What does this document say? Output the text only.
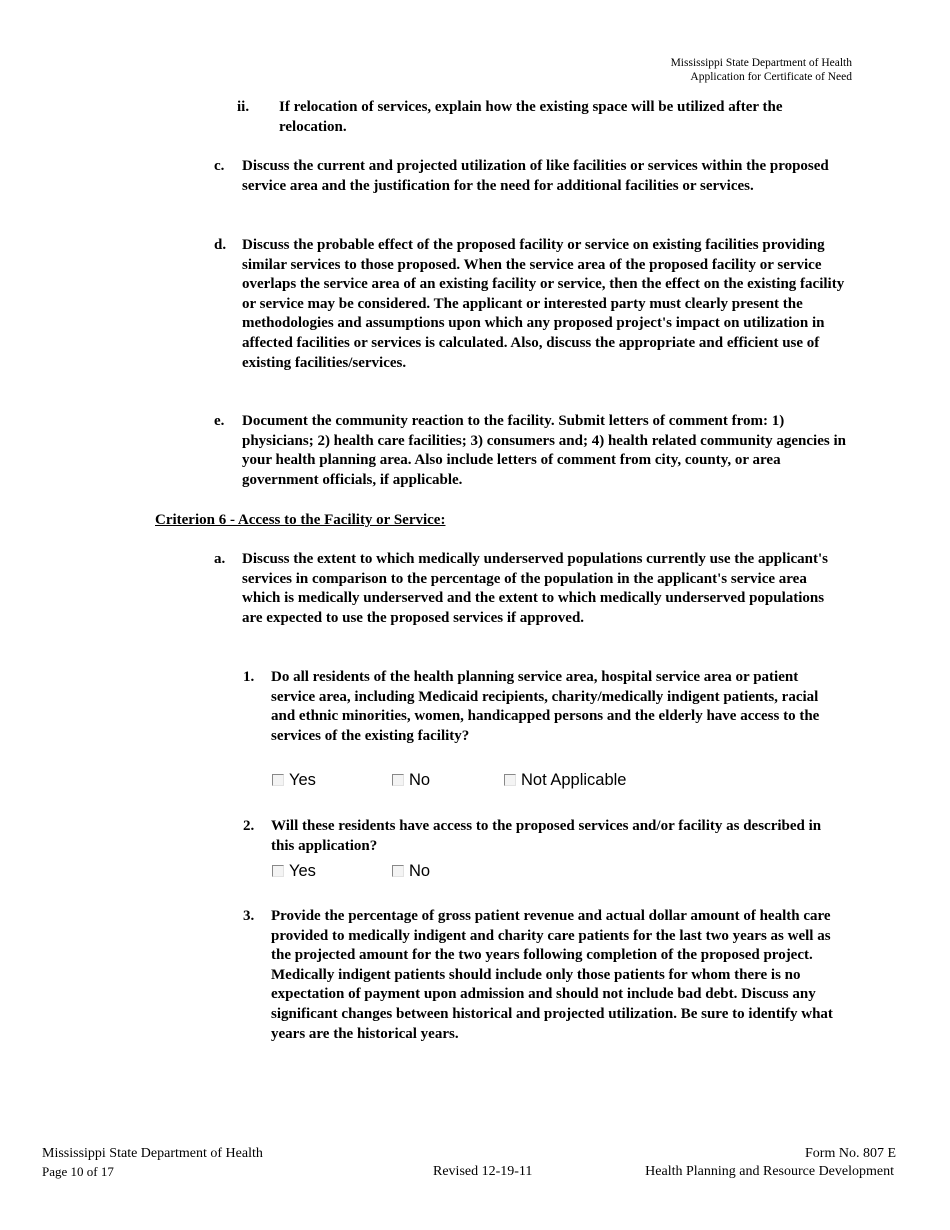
Mississippi State Department of Health
Application for Certificate of Need
ii. If relocation of services, explain how the existing space will be utilized after the relocation.
c. Discuss the current and projected utilization of like facilities or services within the proposed service area and the justification for the need for additional facilities or services.
d. Discuss the probable effect of the proposed facility or service on existing facilities providing similar services to those proposed. When the service area of the proposed facility or service overlaps the service area of an existing facility or service, then the effect on the existing facility or service may be considered. The applicant or interested party must clearly present the methodologies and assumptions upon which any proposed project's impact on utilization in affected facilities or services is calculated. Also, discuss the appropriate and efficient use of existing facilities/services.
e. Document the community reaction to the facility. Submit letters of comment from: 1) physicians; 2) health care facilities; 3) consumers and; 4) health related community agencies in your health planning area. Also include letters of comment from city, county, or area government officials, if applicable.
Criterion 6 - Access to the Facility or Service:
a. Discuss the extent to which medically underserved populations currently use the applicant's services in comparison to the percentage of the population in the applicant's service area which is medically underserved and the extent to which medically underserved populations are expected to use the proposed services if approved.
1. Do all residents of the health planning service area, hospital service area or patient service area, including Medicaid recipients, charity/medically indigent patients, racial and ethnic minorities, women, handicapped persons and the elderly have access to the services of the existing facility?
Yes	No	Not Applicable
2. Will these residents have access to the proposed services and/or facility as described in this application?
Yes	No
3. Provide the percentage of gross patient revenue and actual dollar amount of health care provided to medically indigent and charity care patients for the last two years as well as the projected amount for the two years following completion of the proposed project. Medically indigent patients should include only those patients for whom there is no expectation of payment upon admission and should not include bad debt. Discuss any significant changes between historical and projected utilization. Be sure to identify what years are the historical years.
Mississippi State Department of Health
Page 10 of 17	Revised 12-19-11
Form No. 807 E
Health Planning and Resource Development
